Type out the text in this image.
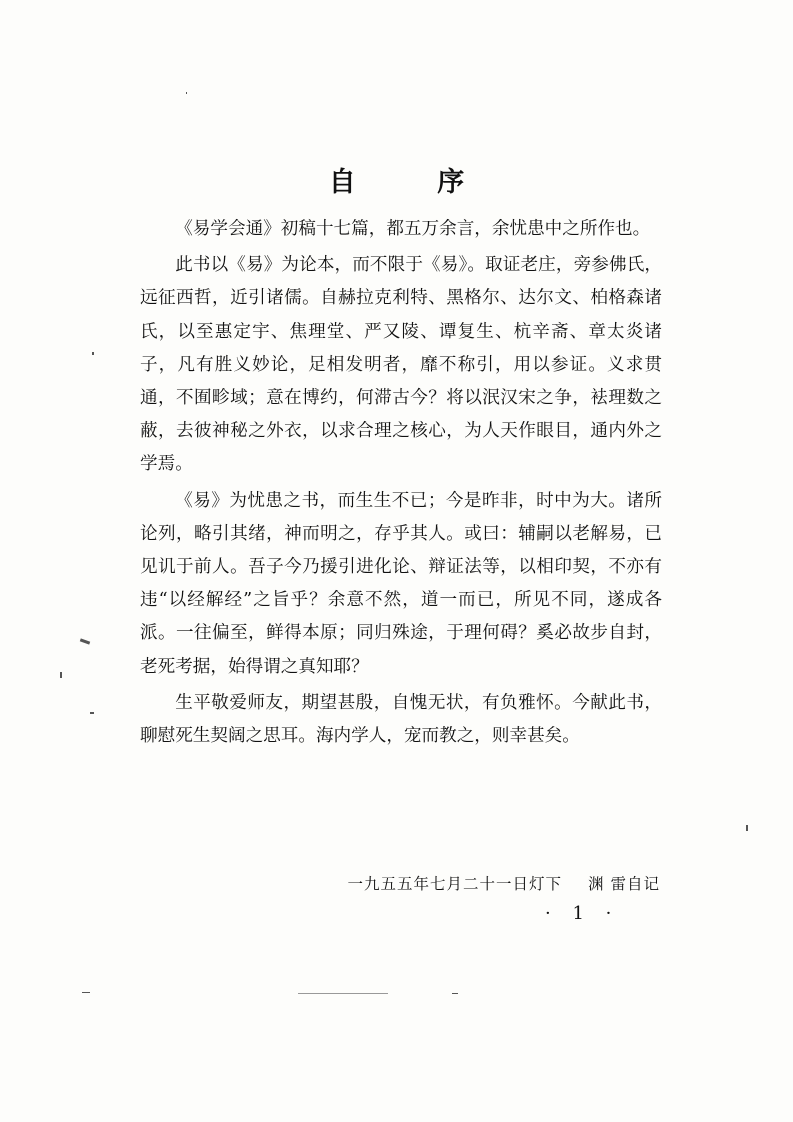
自 序

《易学会通》初稿十七篇，都五万余言，余忧患中之所作也。

此书以《易》为论本，而不限于《易》。取证老庄，旁参佛氏，远征西哲，近引诸儒。自赫拉克利特、黑格尔、达尔文、柏格森诸氏，以至惠定宇、焦理堂、严又陵、谭复生、杭辛斋、章太炎诸子，凡有胜义妙论，足相发明者，靡不称引，用以参证。义求贯通，不囿畛域；意在博约，何滞古今？将以泯汉宋之争，袪理数之蔽，去彼神秘之外衣，以求合理之核心，为人天作眼目，通内外之学焉。

《易》为忧患之书，而生生不已；今是昨非，时中为大。诸所论列，略引其绪，神而明之，存乎其人。或曰：辅嗣以老解易，已见讥于前人。吾子今乃援引进化论、辩证法等，以相印契，不亦有违“以经解经”之旨乎？余意不然，道一而已，所见不同，遂成各派。一往偏至，鲜得本原；同归殊途，于理何碍？奚必故步自封，老死考据，始得谓之真知耶？

生平敬爱师友，期望甚殷，自愧无状，有负雅怀。今献此书，聊慰死生契阔之思耳。海内学人，宠而教之，则幸甚矣。

一九五五年七月二十一日灯下 渊 雷自记
· 1 ·
